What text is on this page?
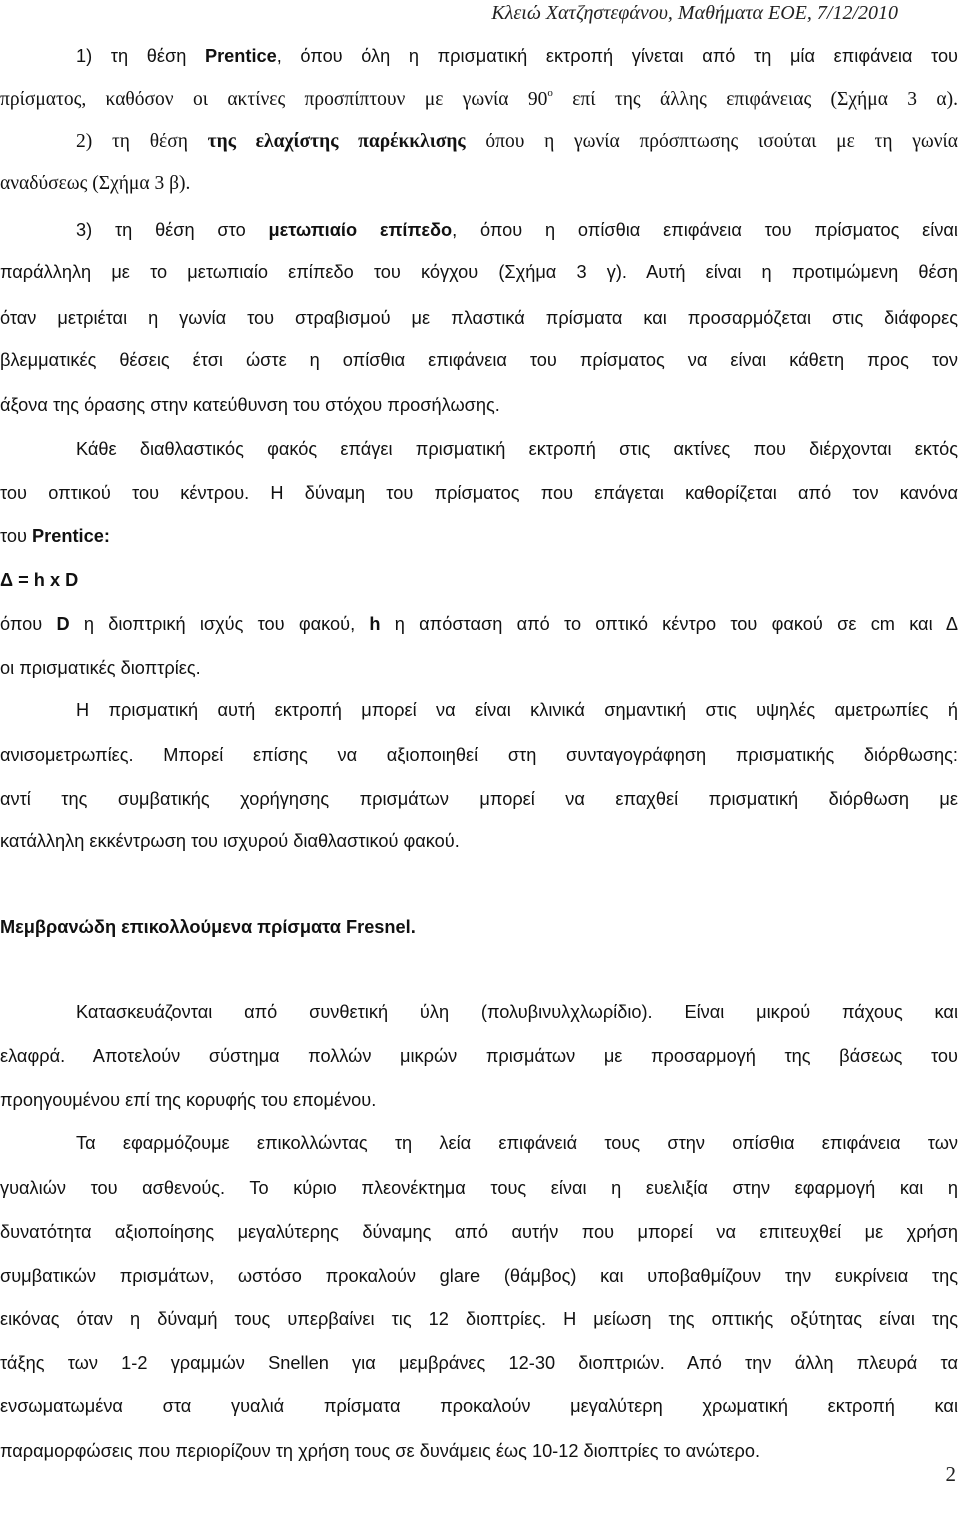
Κλειώ Χατζηστεφάνου, Μαθήματα ΕΟΕ, 7/12/2010
1) τη θέση Prentice, όπου όλη η πρισματική εκτροπή γίνεται από τη μία επιφάνεια του
πρίσματος, καθόσον οι ακτίνες προσπίπτουν με γωνία $90^o$ επί της άλλης επιφάνειας (Σχήμα 3 α).
2) τη θέση της ελαχίστης παρέκκλισης όπου η γωνία πρόσπτωσης ισούται με τη γωνία
αναδύσεως (Σχήμα 3 β).
3) τη θέση στο μετωπιαίο επίπεδο, όπου η οπίσθια επιφάνεια του πρίσματος είναι
παράλληλη με το μετωπιαίο επίπεδο του κόγχου (Σχήμα 3 γ). Αυτή είναι η προτιμώμενη θέση
όταν μετριέται η γωνία του στραβισμού με πλαστικά πρίσματα και προσαρμόζεται στις διάφορες
βλεμματικές θέσεις έτσι ώστε η οπίσθια επιφάνεια του πρίσματος να είναι κάθετη προς τον
άξονα της όρασης στην κατεύθυνση του στόχου προσήλωσης.
Κάθε διαθλαστικός φακός επάγει πρισματική εκτροπή στις ακτίνες που διέρχονται εκτός
του οπτικού του κέντρου. Η δύναμη του πρίσματος που επάγεται καθορίζεται από τον κανόνα
του Prentice:
Δ = h x D
όπου D η διοπτρική ισχύς του φακού, h η απόσταση από το οπτικό κέντρο του φακού σε cm και Δ
οι πρισματικές διοπτρίες.
Η πρισματική αυτή εκτροπή μπορεί να είναι κλινικά σημαντική στις υψηλές αμετρωπίες ή
ανισομετρωπίες. Μπορεί επίσης να αξιοποιηθεί στη συνταγογράφηση πρισματικής διόρθωσης:
αντί της συμβατικής χορήγησης πρισμάτων μπορεί να επαχθεί πρισματική διόρθωση με
κατάλληλη εκκέντρωση του ισχυρού διαθλαστικού φακού.
Μεμβρανώδη επικολλούμενα πρίσματα Fresnel.
Κατασκευάζονται από συνθετική ύλη (πολυβινυλχλωρίδιο). Είναι μικρού πάχους και
ελαφρά. Αποτελούν σύστημα πολλών μικρών πρισμάτων με προσαρμογή της βάσεως του
προηγουμένου επί της κορυφής του επομένου.
Τα εφαρμόζουμε επικολλώντας τη λεία επιφάνειά τους στην οπίσθια επιφάνεια των
γυαλιών του ασθενούς. Το κύριο πλεονέκτημα τους είναι η ευελιξία στην εφαρμογή και η
δυνατότητα αξιοποίησης μεγαλύτερης δύναμης από αυτήν που μπορεί να επιτευχθεί με χρήση
συμβατικών πρισμάτων, ωστόσο προκαλούν glare (θάμβος) και υποβαθμίζουν την ευκρίνεια της
εικόνας όταν η δύναμή τους υπερβαίνει τις 12 διοπτρίες. Η μείωση της οπτικής οξύτητας είναι της
τάξης των 1-2 γραμμών Snellen για μεμβράνες 12-30 διοπτριών. Από την άλλη πλευρά τα
ενσωματωμένα στα γυαλιά πρίσματα προκαλούν μεγαλύτερη χρωματική εκτροπή και
παραμορφώσεις που περιορίζουν τη χρήση τους σε δυνάμεις έως 10-12 διοπτρίες το ανώτερο.
2
